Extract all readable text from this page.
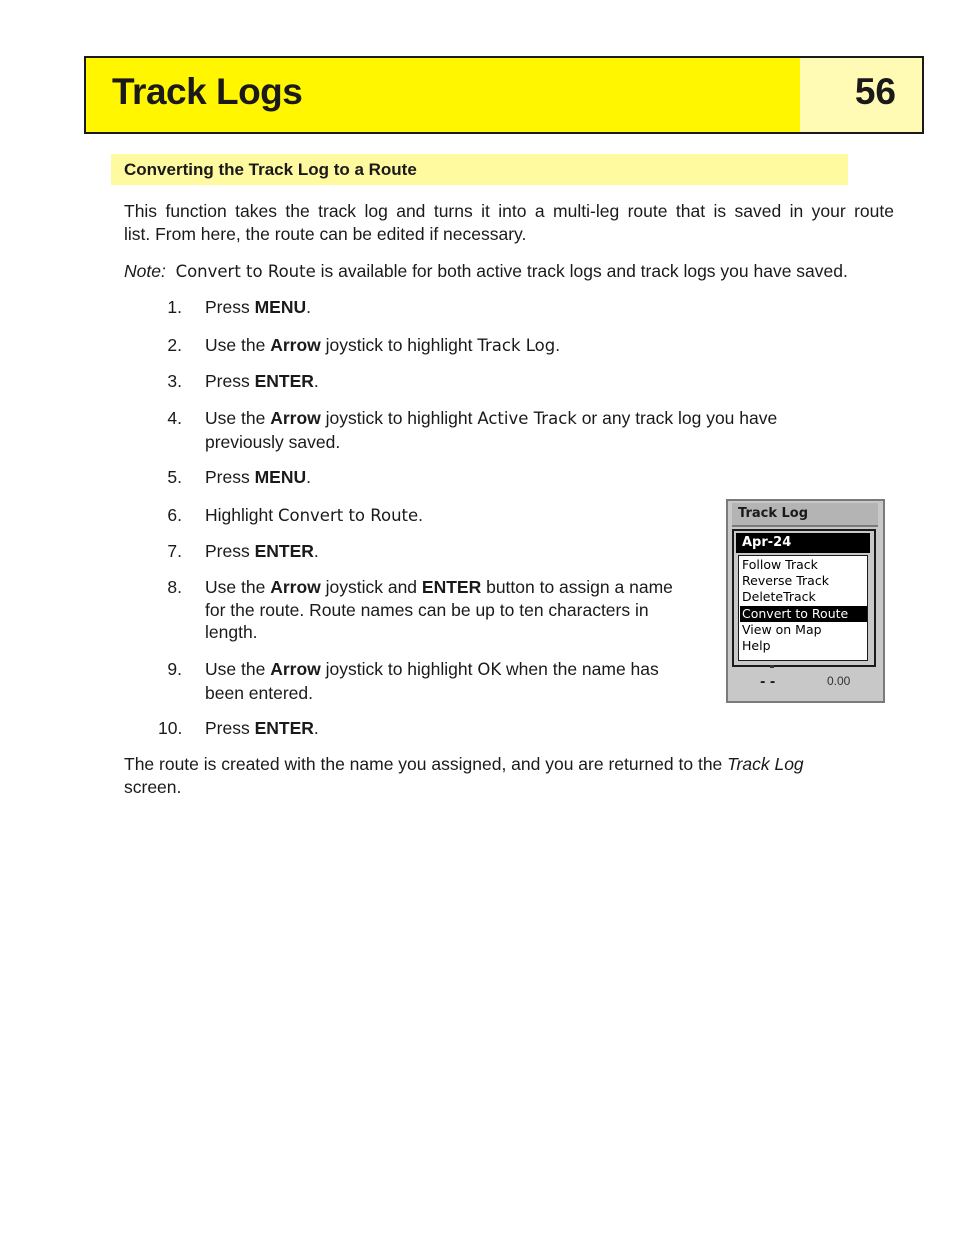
Track Logs	56
Converting the Track Log to a Route
This function takes the track log and turns it into a multi-leg route that is saved in your route
list. From here, the route can be edited if necessary.
Note: Convert to Route is available for both active track logs and track logs you have saved.
1. Press MENU.
2. Use the Arrow joystick to highlight Track Log.
3. Press ENTER.
4. Use the Arrow joystick to highlight Active Track or any track log you have
previously saved.
5. Press MENU.
6. Highlight Convert to Route.
7. Press ENTER.
8. Use the Arrow joystick and ENTER button to assign a name
for the route. Route names can be up to ten characters in
length.
9. Use the Arrow joystick to highlight OK when the name has
been entered.
10. Press ENTER.
The route is created with the name you assigned, and you are returned to the Track Log
screen.
Track Log
Apr-24
Follow Track
Reverse Track
DeleteTrack
Convert to Route
View on Map
Help
- -	0.00
